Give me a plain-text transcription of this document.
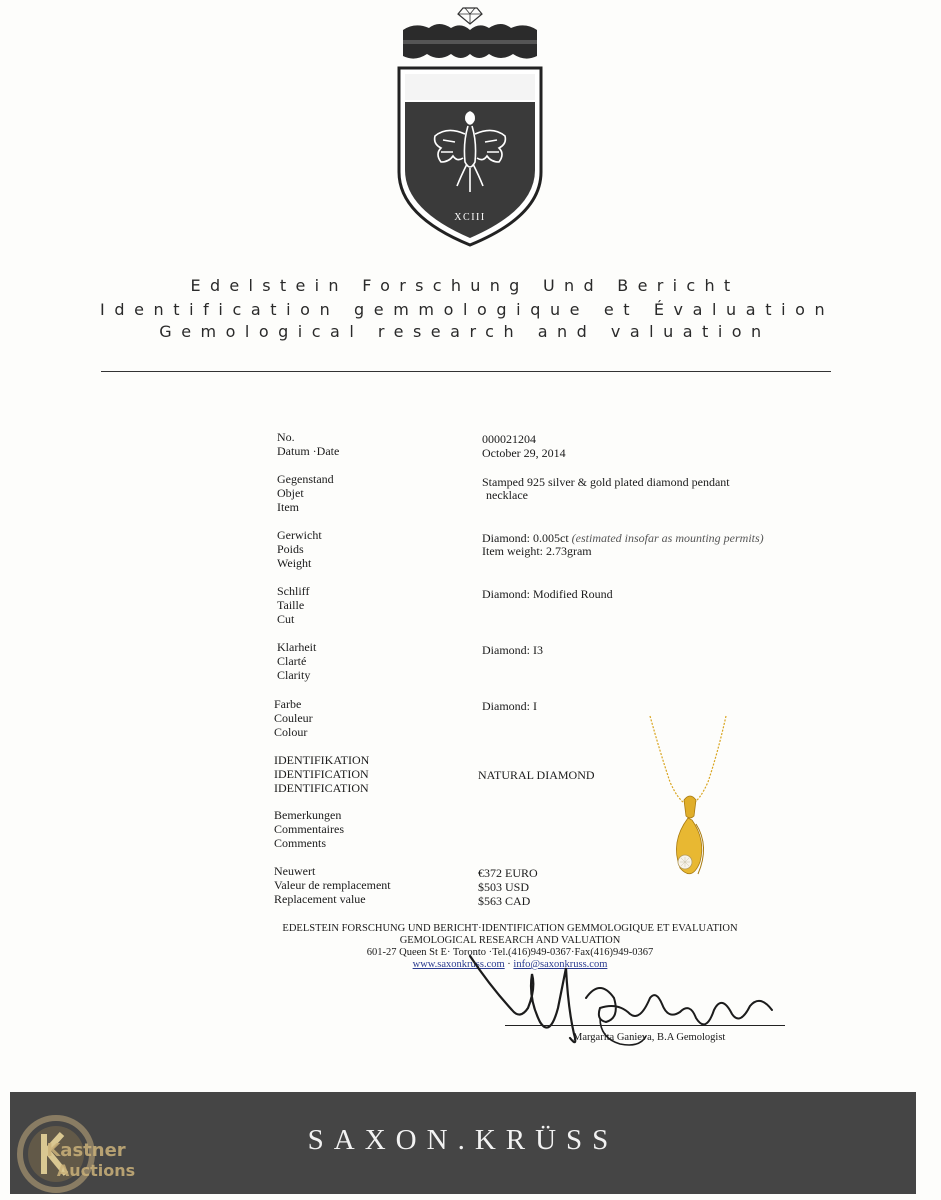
XCIII
Edelstein Forschung Und Bericht
Identification gemmologique et Évaluation
Gemological research and valuation
No.
Datum ·Date
000021204
October 29, 2014
Gegenstand
Objet
Item
Stamped 925 silver & gold plated diamond pendant
necklace
Gerwicht
Poids
Weight
Diamond: 0.005ct (estimated insofar as mounting permits)
Item weight: 2.73gram
Schliff
Taille
Cut
Diamond: Modified Round
Klarheit
Clarté
Clarity
Diamond: I3
Farbe
Couleur
Colour
Diamond: I
IDENTIFIKATION
IDENTIFICATION
IDENTIFICATION
NATURAL DIAMOND
Bemerkungen
Commentaires
Comments
Neuwert
Valeur de remplacement
Replacement value
€372 EURO
$503 USD
$563 CAD
EDELSTEIN FORSCHUNG UND BERICHT·IDENTIFICATION GEMMOLOGIQUE ET EVALUATION
GEMOLOGICAL RESEARCH AND VALUATION
601-27 Queen St E· Toronto ·Tel.(416)949-0367·Fax(416)949-0367
www.saxonkruss.com · info@saxonkruss.com
Margarita Ganieva, B.A Gemologist
SAXON.KRÜSS
Kastner
Auctions
